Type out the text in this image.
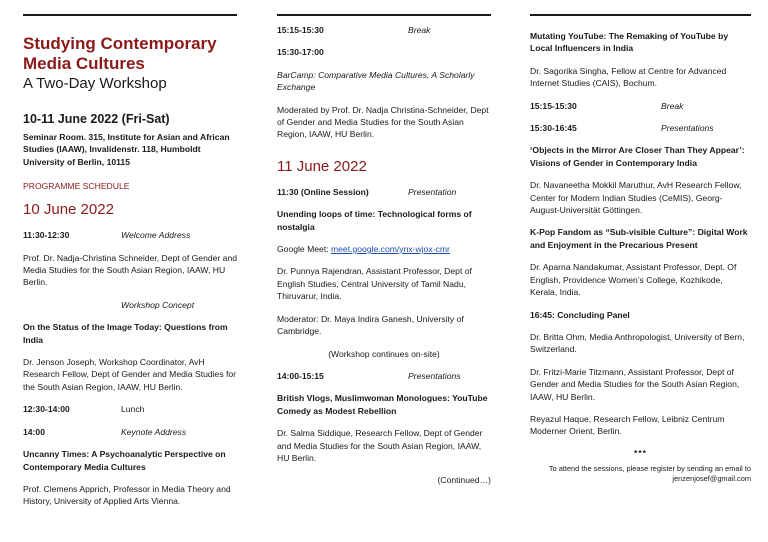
Studying Contemporary
Media Cultures
A Two-Day Workshop
10-11 June 2022 (Fri-Sat)
Seminar Room. 315, Institute for Asian and African Studies (IAAW), Invalidenstr. 118, Humboldt University of Berlin, 10115
PROGRAMME SCHEDULE
10 June 2022
11:30-12:30	Welcome Address
Prof. Dr. Nadja-Christina Schneider, Dept of Gender and Media Studies for the South Asian Region, IAAW, HU Berlin.
Workshop Concept
On the Status of the Image Today: Questions from India
Dr. Jenson Joseph, Workshop Coordinator, AvH Research Fellow, Dept of Gender and Media Studies for the South Asian Region, IAAW, HU Berlin.
12:30-14:00	Lunch
14:00	Keynote Address
Uncanny Times: A Psychoanalytic Perspective on Contemporary Media Cultures
Prof. Clemens Apprich, Professor in Media Theory and History, University of Applied Arts Vienna.
15:15-15:30	Break
15:30-17:00
BarCamp: Comparative Media Cultures, A Scholarly Exchange
Moderated by Prof. Dr. Nadja Christina-Schneider, Dept of Gender and Media Studies for the South Asian Region, IAAW, HU Berlin.
11 June 2022
11:30 (Online Session)	Presentation
Unending loops of time: Technological forms of nostalgia
Google Meet: meet.google.com/ynx-wjox-cmr
Dr. Punnya Rajendran, Assistant Professor, Dept of English Studies, Central University of Tamil Nadu, Thiruvarur, India.
Moderator: Dr. Maya Indira Ganesh, University of Cambridge.
(Workshop continues on-site)
14:00-15:15	Presentations
British Vlogs, Muslimwoman Monologues: YouTube Comedy as Modest Rebellion
Dr. Salma Siddique, Research Fellow, Dept of Gender and Media Studies for the South Asian Region, IAAW, HU Berlin.
(Continued…)
Mutating YouTube: The Remaking of YouTube by Local Influencers in India
Dr. Sagorika Singha, Fellow at Centre for Advanced Internet Studies (CAIS), Bochum.
15:15-15:30	Break
15:30-16:45	Presentations
‘Objects in the Mirror Are Closer Than They Appear’: Visions of Gender in Contemporary India
Dr. Navaneetha Mokkil Maruthur, AvH Research Fellow, Center for Modern Indian Studies (CeMIS), Georg-August-Universität Göttingen.
K-Pop Fandom as “Sub-visible Culture”: Digital Work and Enjoyment in the Precarious Present
Dr. Aparna Nandakumar, Assistant Professor, Dept. Of English, Providence Women’s College, Kozhikode, Kerala, India.
16:45: Concluding Panel
Dr. Britta Ohm, Media Anthropologist, University of Bern, Switzerland.
Dr. Fritzi-Marie Titzmann, Assistant Professor, Dept of Gender and Media Studies for the South Asian Region, IAAW, HU Berlin.
Reyazul Haque, Research Fellow, Leibniz Centrum Moderner Orient, Berlin.
***
To attend the sessions, please register by sending an email to
jenzenjosef@gmail.com
